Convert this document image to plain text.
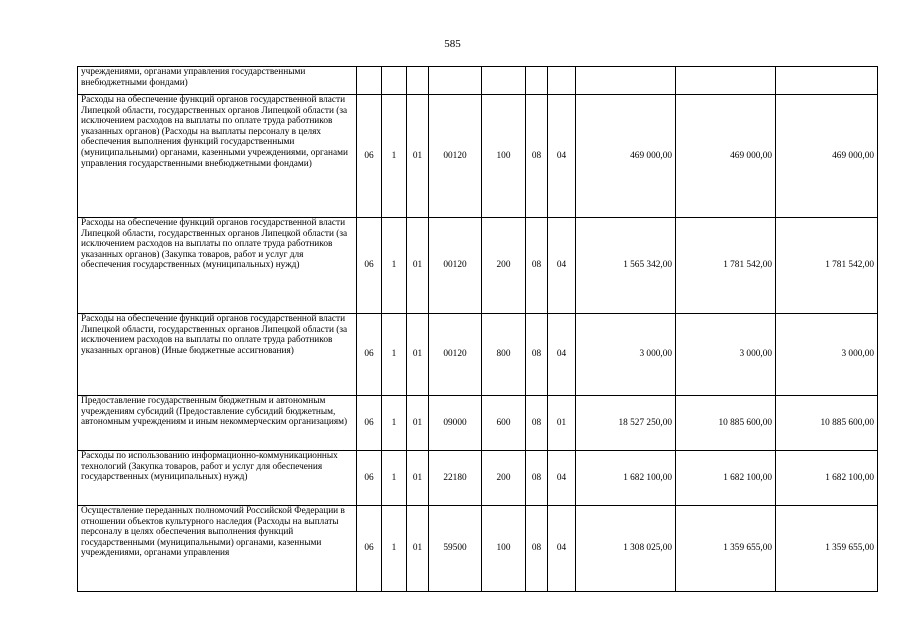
585
учреждениями, органами управления государственными внебюджетными фондами)										
Расходы на обеспечение функций органов государственной власти Липецкой области, государственных органов Липецкой области (за исключением расходов на выплаты по оплате труда работников указанных органов) (Расходы на выплаты персоналу в целях обеспечения выполнения функций государственными (муниципальными) органами, казенными учреждениями, органами управления государственными внебюджетными фондами)	06	1	01	00120	100	08	04	469 000,00	469 000,00	469 000,00
Расходы на обеспечение функций органов государственной власти Липецкой области, государственных органов Липецкой области (за исключением расходов на выплаты по оплате труда работников указанных органов) (Закупка товаров, работ и услуг для обеспечения государственных (муниципальных) нужд)	06	1	01	00120	200	08	04	1 565 342,00	1 781 542,00	1 781 542,00
Расходы на обеспечение функций органов государственной власти Липецкой области, государственных органов Липецкой области (за исключением расходов на выплаты по оплате труда работников указанных органов) (Иные бюджетные ассигнования)	06	1	01	00120	800	08	04	3 000,00	3 000,00	3 000,00
Предоставление государственным бюджетным и автономным учреждениям субсидий (Предоставление субсидий бюджетным, автономным учреждениям и иным некоммерческим организациям)	06	1	01	09000	600	08	01	18 527 250,00	10 885 600,00	10 885 600,00
Расходы по использованию информационно-коммуникационных технологий (Закупка товаров, работ и услуг для обеспечения государственных (муниципальных) нужд)	06	1	01	22180	200	08	04	1 682 100,00	1 682 100,00	1 682 100,00
Осуществление переданных полномочий Российской Федерации в отношении объектов культурного наследия (Расходы на выплаты персоналу в целях обеспечения выполнения функций государственными (муниципальными) органами, казенными учреждениями, органами управления	06	1	01	59500	100	08	04	1 308 025,00	1 359 655,00	1 359 655,00
